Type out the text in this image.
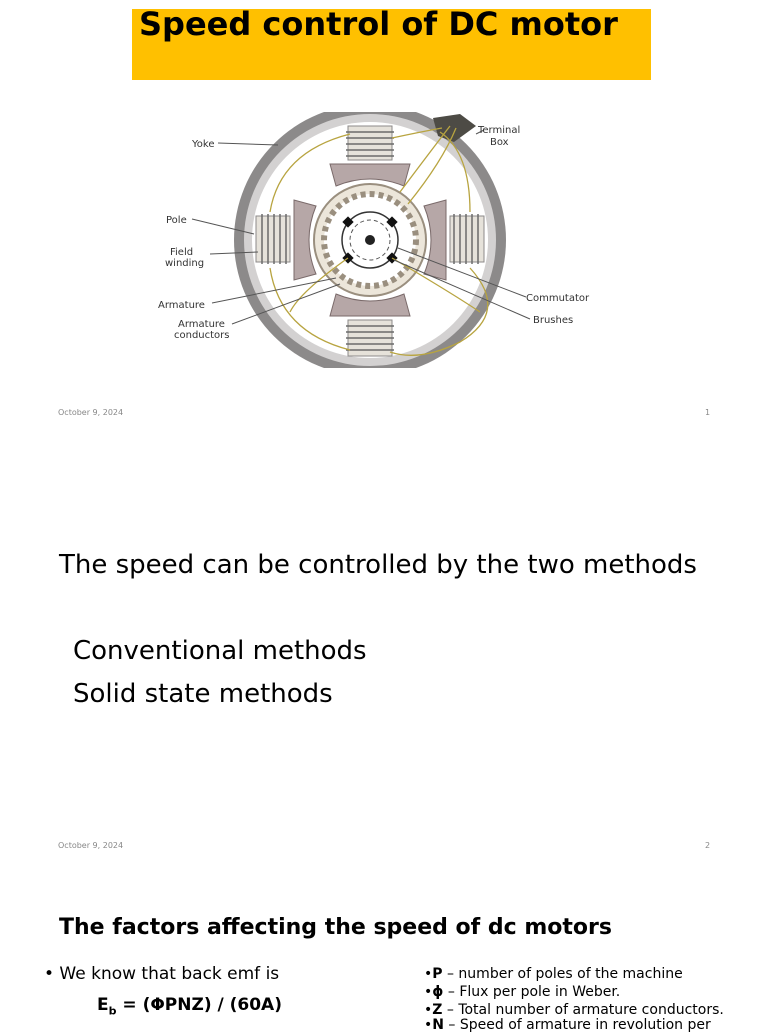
Speed control of DC motor
Yoke
Terminal
Box
Pole
Field
winding
Armature
Armature
conductors
Commutator
Brushes
October 9, 2024	1
The speed can be controlled by the two methods
Conventional methods
Solid state methods
October 9, 2024	2
The factors affecting the speed of dc motors
• We know that back emf is
$E_b = (\Phi PNZ) / (60A)$
•P – number of poles of the machine
•ϕ – Flux per pole in Weber.
•Z – Total number of armature conductors.
•N – Speed of armature in revolution per
